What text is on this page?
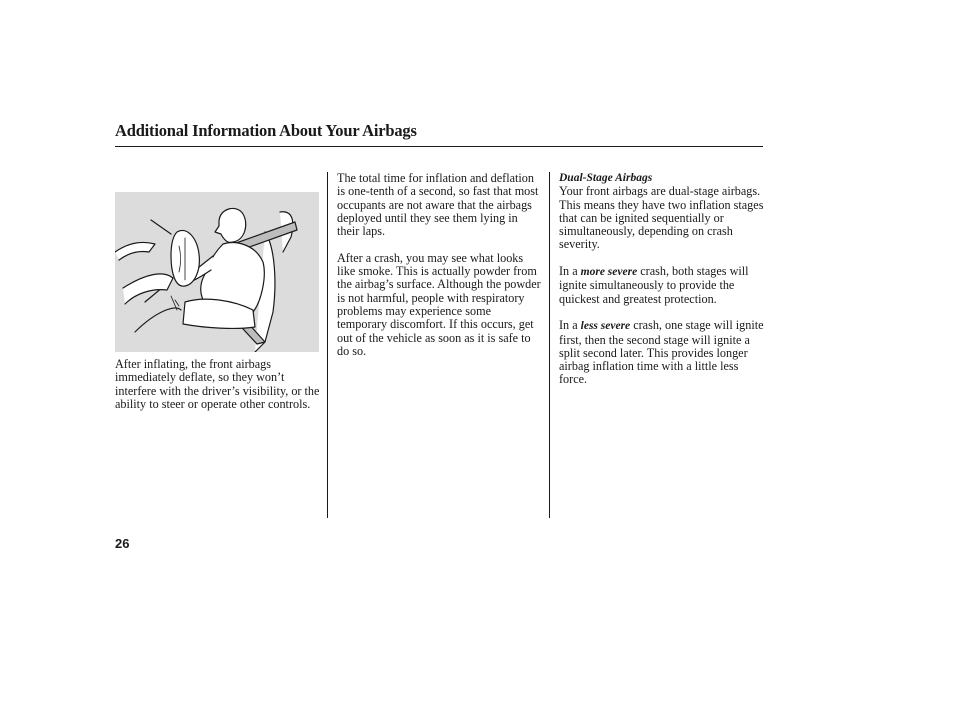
Additional Information About Your Airbags

After inflating, the front airbags immediately deflate, so they won’t interfere with the driver’s visibility, or the ability to steer or operate other controls.

The total time for inflation and deflation is one-tenth of a second, so fast that most occupants are not aware that the airbags deployed until they see them lying in their laps.

After a crash, you may see what looks like smoke. This is actually powder from the airbag’s surface. Although the powder is not harmful, people with respiratory problems may experience some temporary discomfort. If this occurs, get out of the vehicle as soon as it is safe to do so.

Dual-Stage Airbags

Your front airbags are dual-stage airbags. This means they have two inflation stages that can be ignited sequentially or simultaneously, depending on crash severity.

In a more severe crash, both stages will ignite simultaneously to provide the quickest and greatest protection.

In a less severe crash, one stage will ignite first, then the second stage will ignite a split second later. This provides longer airbag inflation time with a little less force.

26
